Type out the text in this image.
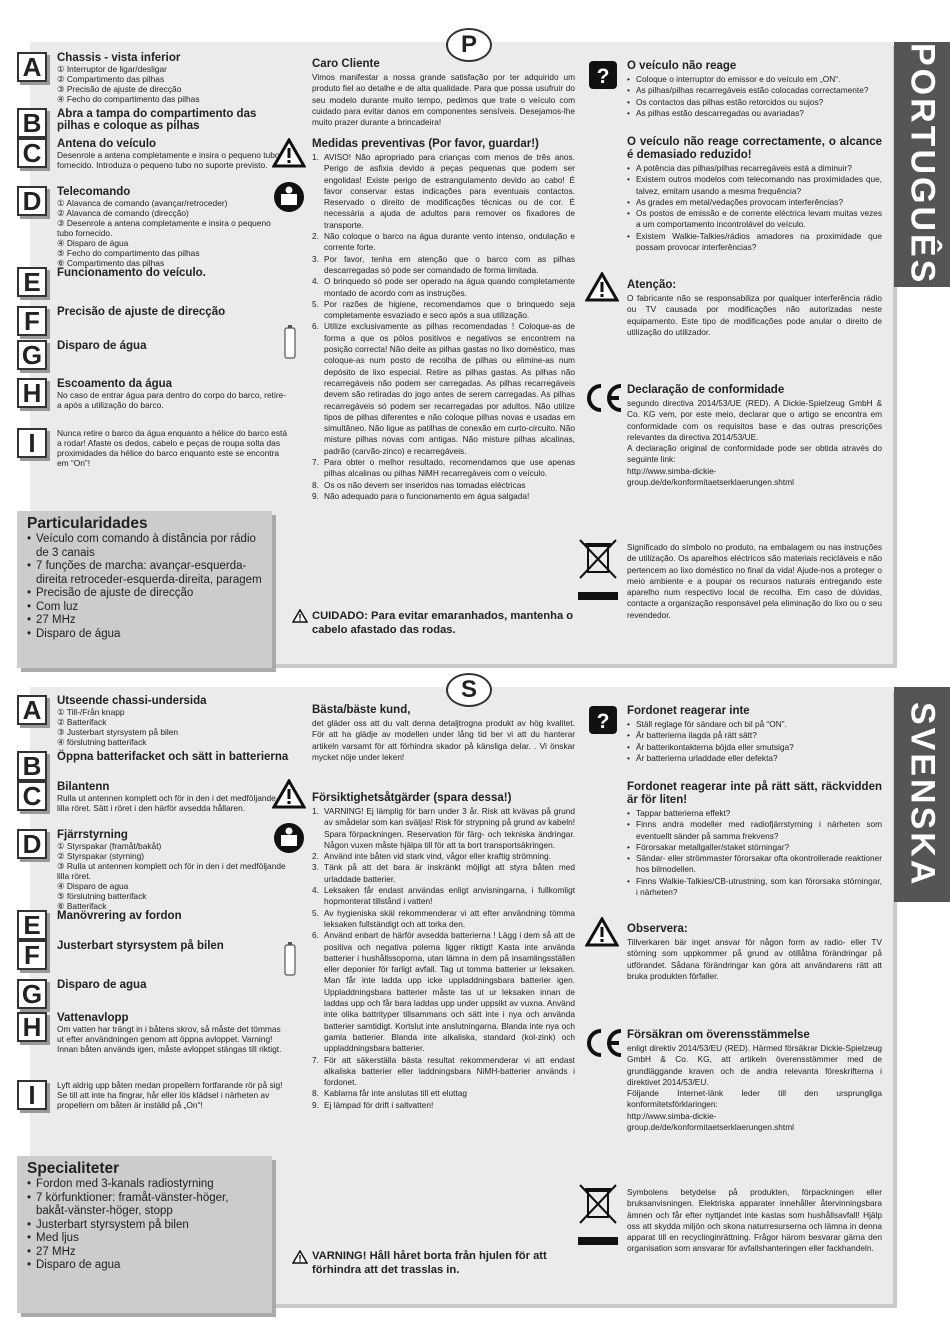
PORTUGUÊS
P
A	Chassis - vista inferior
① Interruptor de ligar/desligar
② Compartimento das pilhas
③ Precisão de ajuste de direcção
④ Fecho do compartimento das pilhas
B	Abra a tampa do compartimento das pilhas e coloque as pilhas
C	Antena do veículo
Desenrole a antena completamente e insira o pequeno tubo fornecido. Introduza o pequeno tubo no suporte previsto.
D	Telecomando
① Alavanca de comando (avançar/retroceder)
② Alavanca de comando (direcção)
③ Desenrole a antena completamente e insira o pequeno tubo fornecido.
④ Disparo de água
⑤ Fecho do compartimento das pilhas
⑥ Compartimento das pilhas
E	Funcionamento do veículo.
F	Precisão de ajuste de direcção
G	Disparo de água
H	Escoamento da água
No caso de entrar água para dentro do corpo do barco, retire-a após a utilização do barco.
I	Nunca retire o barco da água enquanto a hélice do barco está a rodar! Afaste os dedos, cabelo e peças de roupa solta das proximidades da hélice do barco enquanto este se encontra em “On”!
Particularidades
• Veículo com comando à distância por rádio de 3 canais
• 7 funções de marcha: avançar-esquerda-direita retroceder-esquerda-direita, paragem
• Precisão de ajuste de direcção
• Com luz
• 27 MHz
• Disparo de água
Caro Cliente
Vimos manifestar a nossa grande satisfação por ter adquirido um produto fiel ao detalhe e de alta qualidade. Para que possa usufruir do seu modelo durante muito tempo, pedimos que trate o veículo com cuidado para evitar danos em componentes sensíveis. Desejamos-lhe muito prazer durante a brincadeira!
Medidas preventivas (Por favor, guardar!)
1. AVISO! Não apropriado para crianças com menos de três anos. Perigo de asfixia devido a peças pequenas que podem ser engolidas! Existe perigo de estrangulamento devido ao cabo! É favor conservar estas indicações para eventuais contactos. Reservado o direito de modificações técnicas ou de cor. É necessária a ajuda de adultos para remover os fixadores de transporte.
2. Não coloque o barco na água durante vento intenso, ondulação e corrente forte.
3. Por favor, tenha em atenção que o barco com as pilhas descarregadas só pode ser comandado de forma limitada.
4. O brinquedo só pode ser operado na água quando completamente montado de acordo com as instruções.
5. Por razões de higiene, recomendamos que o brinquedo seja completamente esvaziado e seco após a sua utilização.
6. Utilize exclusivamente as pilhas recomendadas ! Coloque-as de forma a que os pólos positivos e negativos se encontrem na posição correcta! Não deite as pilhas gastas no lixo doméstico, mas coloque-as num posto de recolha de pilhas ou elimine-as num depósito de lixo especial. Retire as pilhas gastas. As pilhas não recarregáveis não podem ser carregadas. As pilhas recarregáveis devem são retiradas do jogo antes de serem carregadas. As pilhas recarregáveis só podem ser recarregadas por adultos. Não utilize tipos de pilhas diferentes e não coloque pilhas novas e usadas em simultâneo. Não ligue as patilhas de conexão em curto-circuito. Não misture pilhas novas com antigas. Não misture pilhas alcalinas, padrão (carvão-zinco) e recarregáveis.
7. Para obter o melhor resultado, recomendamos que use apenas pilhas alcalinas ou pilhas NiMH recarregáveis com o veículo.
8. Os os não devem ser inseridos nas tomadas eléctricas
9. Não adequado para o funcionamento em água salgada!
CUIDADO: Para evitar emaranhados, mantenha o cabelo afastado das rodas.
? O veículo não reage
• Coloque o interruptor do emissor e do veículo em „ON“.
• As pilhas/pilhas recarregáveis estão colocadas correctamente?
• Os contactos das pilhas estão retorcidos ou sujos?
• As pilhas estão descarregadas ou avariadas?
O veículo não reage correctamente, o alcance é demasiado reduzido!
• A potência das pilhas/pilhas recarregáveis está a diminuir?
• Existem outros modelos com telecomando nas proximidades que, talvez, emitam usando a mesma frequência?
• As grades em metal/vedações provocam interferências?
• Os postos de emissão e de corrente eléctrica levam muitas vezes a um comportamento incontrolável do veículo.
• Existem Walkie-Talkies/rádios amadores na proximidade que possam provocar interferências?
Atenção:
O fabricante não se responsabiliza por qualquer interferência rádio ou TV causada por modificações não autorizadas neste equipamento. Este tipo de modificações pode anular o direito de utilização do utilizador.
Declaração de conformidade
segundo directiva 2014/53/UE (RED). A Dickie-Spielzeug GmbH & Co. KG vem, por este meio, declarar que o artigo se encontra em conformidade com os requisitos base e das outras prescrições relevantes da directiva 2014/53/UE.
A declaração original de conformidade pode ser obtida através do seguinte link:
http://www.simba-dickie-group.de/de/konformitaetserklaerungen.shtml
Significado do símbolo no produto, na embalagem ou nas instruções de utilização. Os aparelhos eléctricos são materiais recicláveis e não pertencem ao lixo doméstico no final da vida! Ajude-nos a proteger o meio ambiente e a poupar os recursos naturais entregando este aparelho num respectivo local de recolha. Em caso de dúvidas, contacte a organização responsável pela eliminação do lixo ou o seu revendedor.
SVENSKA
S
A	Utseende chassi-undersida
① Till-/Från knapp
② Batterifack
③ Justerbart styrsystem på bilen
④ förslutning batterifack
B	Öppna batterifacket och sätt in batterierna
C	Bilantenn
Rulla ut antennen komplett och för in den i det medföljande lilla röret. Sätt i röret i den härför avsedda hållaren.
D	Fjärrstyrning
① Styrspakar (framåt/bakåt)
② Styrspakar (styrning)
③ Rulla ut antennen komplett och för in den i det medföljande lilla röret.
④ Disparo de agua
⑤ förslutning batterifack
⑥ Batterifack
E	Manövrering av fordon
F	Justerbart styrsystem på bilen
G	Disparo de agua
H	Vattenavlopp
Om vatten har trängt in i båtens skrov, så måste det tömmas ut efter användningen genom att öppna avloppet. Varning! Innan båten används igen, måste avloppet stängas till riktigt.
I	Lyft aldrig upp båten medan propellern fortfarande rör på sig! Se till att inte ha fingrar, hår eller lös klädsel i närheten av propellern om båten är inställd på „On“!
Specialiteter
• Fordon med 3-kanals radiostyrning
• 7 körfunktioner: framåt-vänster-höger, bakåt-vänster-höger, stopp
• Justerbart styrsystem på bilen
• Med ljus
• 27 MHz
• Disparo de agua
Bästa/bäste kund,
det gläder oss att du valt denna detaljtrogna produkt av hög kvalitet. För att ha glädje av modellen under lång tid ber vi att du hanterar artikeln varsamt för att förhindra skador på känsliga delar. . Vi önskar mycket nöje under leken!
Försiktighetsåtgärder (spara dessa!)
1. VARNING! Ej lämplig för barn under 3 år. Risk att kvävas på grund av smådelar som kan sväljas! Risk för strypning på grund av kabeln! Spara förpackningen. Reservation för färg- och tekniska ändringar. Någon vuxen måste hjälpa till för att ta bort transportsäkringen.
2. Använd inte båten vid stark vind, vågor eller kraftig strömning.
3. Tänk på att det bara är inskränkt möjligt att styra båten med urladdade batterier.
4. Leksaken får endast användas enligt anvisningarna, i fullkomligt hopmonterat tillstånd i vatten!
5. Av hygieniska skäl rekommenderar vi att efter användning tömma leksaken fullständigt och att torka den.
6. Använd enbart de härför avsedda batterierna ! Lägg i dem så att de positiva och negativa polerna ligger riktigt! Kasta inte använda batterier i hushållssoporna, utan lämna in dem på insamlingsställen eller deponier för farligt avfall. Tag ut tomma batterier ur leksaken. Man får inte ladda upp icke uppladdningsbara batterier igen. Uppladdningsbara batterier måste tas ut ur leksaken innan de laddas upp och får bara laddas upp under uppsikt av vuxna. Använd inte olika battrityper tillsammans och sätt inte i nya och använda batterier samtidigt. Kortslut inte anslutningarna. Blanda inte nya och gamla batterier. Blanda inte alkaliska, standard (kol-zink) och uppladdningsbara batterier.
7. För att säkerställa bästa resultat rekommenderar vi att endast alkaliska batterier eller laddningsbara NiMH-batterier används i fordonet.
8. Kablarna får inte anslutas till ett eluttag
9. Ej lämpad för drift i saltvatten!
VARNING! Håll håret borta från hjulen för att förhindra att det trasslas in.
? Fordonet reagerar inte
• Ställ reglage för sändare och bil på “ON”.
• Är batterierna ilagda på rätt sätt?
• Är batterikontakterna böjda eller smutsiga?
• Är batterierna urladdade eller defekta?
Fordonet reagerar inte på rätt sätt, räckvidden är för liten!
• Tappar batterierna effekt?
• Finns andra modeller med radiofjärrstyrning i närheten som eventuellt sänder på samma frekvens?
• Förorsakar metallgaller/staket störningar?
• Sändar- eller strömmaster förorsakar ofta okontrollerade reaktioner hos bilmodellen.
• Finns Walkie-Talkies/CB-utrustning, som kan förorsaka störningar, i närheten?
Observera:
Tillverkaren bär inget ansvar för någon form av radio- eller TV störning som uppkommer på grund av otillåtna förändringar på utförandet. Sådana förändringar kan göra att användarens rätt att bruka produkten förfaller.
Försäkran om överensstämmelse
enligt direktiv 2014/53/EU (RED). Härmed försäkrar Dickie-Spielzeug GmbH & Co. KG, att artikeln överensstämmer med de grundläggande kraven och de andra relevanta föreskrifterna i direktivet 2014/53/EU.
Följande Internet-länk leder till den ursprungliga konformitetsförklaringen:
http://www.simba-dickie-group.de/de/konformitaetserklaerungen.shtml
Symbolens betydelse på produkten, förpackningen eller bruksanvisningen. Elektriska apparater innehåller återvinningsbara ämnen och får efter nyttjandet inte kastas som hushållsavfall! Hjälp oss att skydda miljön och skona naturresurserna och lämna in denna apparat till en recyclinginrättning. Frågor härom besvarar gärna den organisation som ansvarar för avfallshanteringen eller fackhandeln.
